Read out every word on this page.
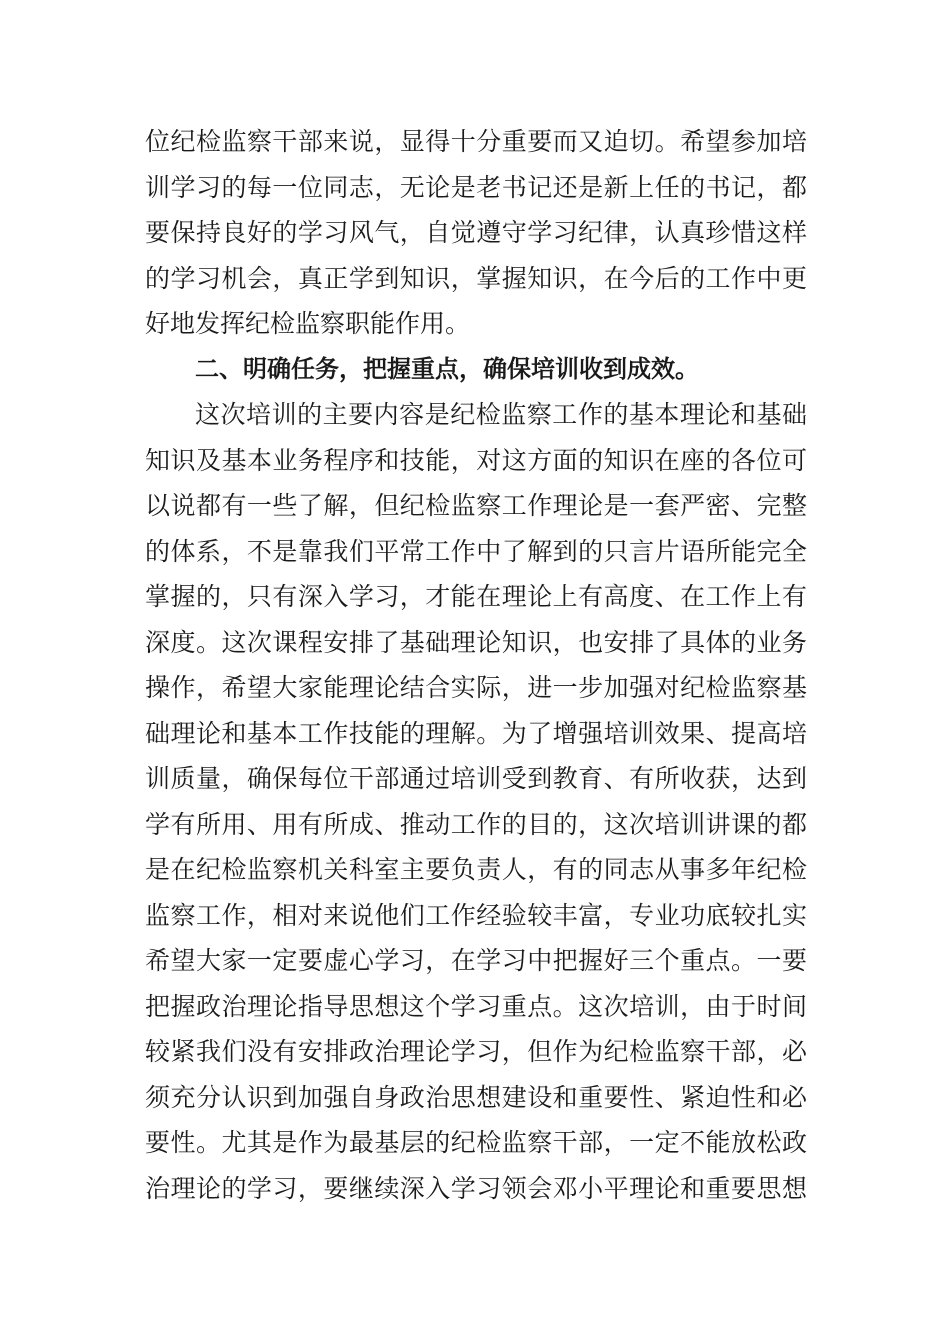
位纪检监察干部来说，显得十分重要而又迫切。希望参加培
训学习的每一位同志，无论是老书记还是新上任的书记，都
要保持良好的学习风气，自觉遵守学习纪律，认真珍惜这样
的学习机会，真正学到知识，掌握知识，在今后的工作中更
好地发挥纪检监察职能作用。
二、明确任务，把握重点，确保培训收到成效。
这次培训的主要内容是纪检监察工作的基本理论和基础
知识及基本业务程序和技能，对这方面的知识在座的各位可
以说都有一些了解，但纪检监察工作理论是一套严密、完整
的体系，不是靠我们平常工作中了解到的只言片语所能完全
掌握的，只有深入学习，才能在理论上有高度、在工作上有
深度。这次课程安排了基础理论知识，也安排了具体的业务
操作，希望大家能理论结合实际，进一步加强对纪检监察基
础理论和基本工作技能的理解。为了增强培训效果、提高培
训质量，确保每位干部通过培训受到教育、有所收获，达到
学有所用、用有所成、推动工作的目的，这次培训讲课的都
是在纪检监察机关科室主要负责人，有的同志从事多年纪检
监察工作，相对来说他们工作经验较丰富，专业功底较扎实
希望大家一定要虚心学习，在学习中把握好三个重点。一要
把握政治理论指导思想这个学习重点。这次培训，由于时间
较紧我们没有安排政治理论学习，但作为纪检监察干部，必
须充分认识到加强自身政治思想建设和重要性、紧迫性和必
要性。尤其是作为最基层的纪检监察干部，一定不能放松政
治理论的学习，要继续深入学习领会邓小平理论和重要思想
